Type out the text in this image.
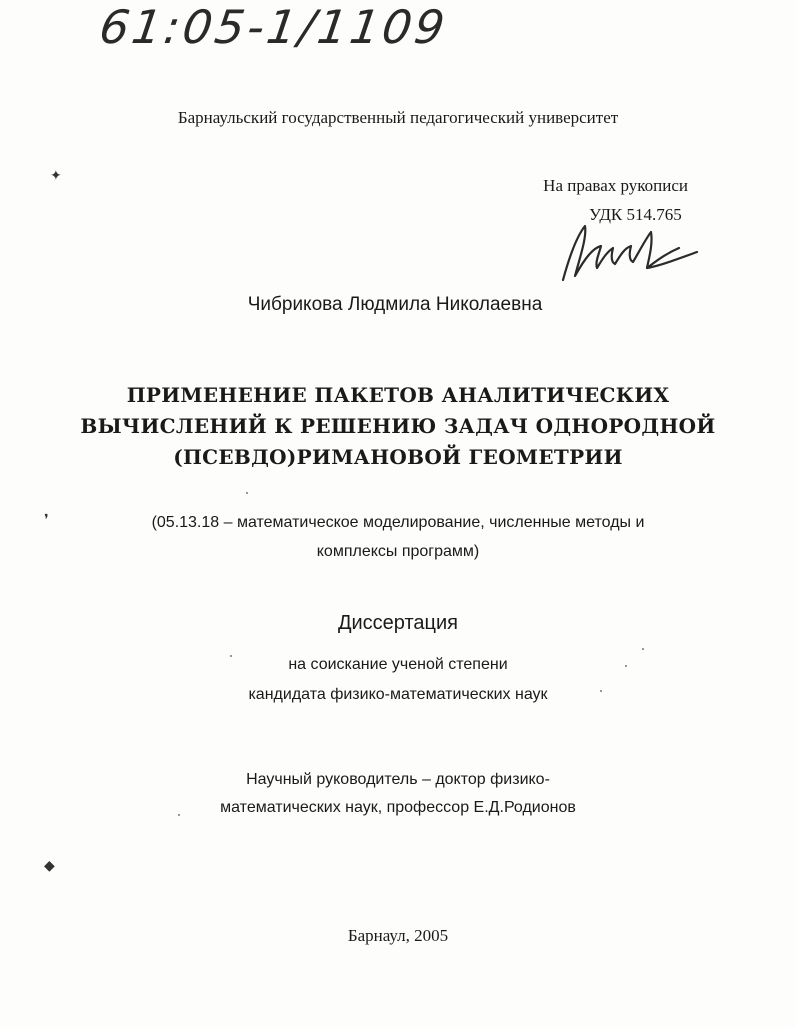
61:05-1/1109
Барнаульский государственный педагогический университет
На правах рукописи
УДК 514.765
Чибрикова Людмила Николаевна
ПРИМЕНЕНИЕ ПАКЕТОВ АНАЛИТИЧЕСКИХ
ВЫЧИСЛЕНИЙ К РЕШЕНИЮ ЗАДАЧ ОДНОРОДНОЙ
(ПСЕВДО)РИМАНОВОЙ ГЕОМЕТРИИ
(05.13.18 – математическое моделирование, численные методы и
комплексы программ)
Диссертация
на соискание ученой степени
кандидата физико-математических наук
Научный руководитель – доктор физико-
математических наук, профессор Е.Д.Родионов
Барнаул, 2005
✦
❜
◆
